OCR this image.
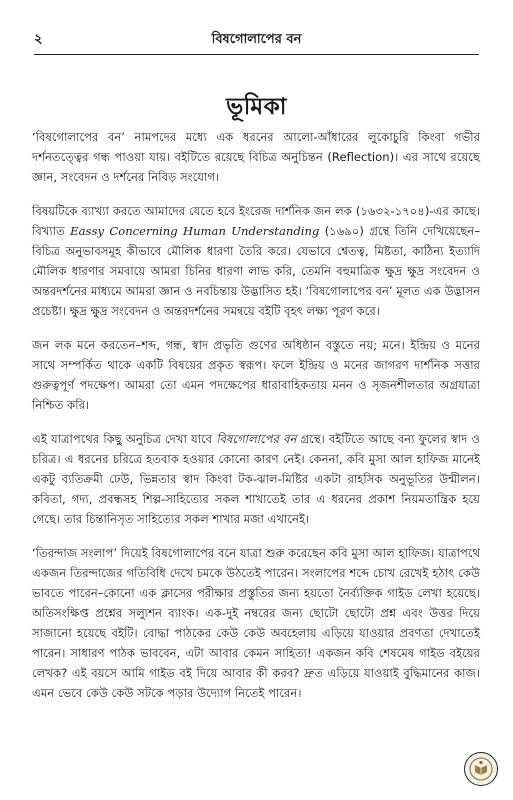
২	বিষগোলাপের বন
ভূমিকা

‘বিষগোলাপের বন’ নামপদের মধ্যে এক ধরনের আলো-আঁধারের লুকোচুরি কিংবা গভীর দর্শনতত্ত্বের গন্ধ পাওয়া যায়। বইটিতে রয়েছে বিচিত্র অনুচিন্তন (Reflection)। এর সাথে রয়েছে জ্ঞান, সংবেদন ও দর্শনের নিবিড় সংযোগ।

বিষয়টিকে ব্যাখ্যা করতে আমাদের যেতে হবে ইংরেজ দার্শনিক জন লক (১৬৩২-১৭০৪)-এর কাছে। বিখ্যাত Eassy Concerning Human Understanding (১৬৯০) গ্রন্থে তিনি দেখিয়েছেন–বিচিত্র অনুভাবসমূহ কীভাবে মৌলিক ধারণা তৈরি করে। যেভাবে শ্বেতত্ব, মিষ্টতা, কাঠিন্য ইত্যাদি মৌলিক ধারণার সমবায়ে আমরা চিনির ধারণা লাভ করি, তেমনি বহুমাত্রিক ক্ষুদ্র ক্ষুদ্র সংবেদন ও অন্তরদর্শনের মাধ্যমে আমরা জ্ঞান ও নবচিন্তায় উদ্ভাসিত হই। ‘বিষগোলাপের বন’ মূলত এক উদ্ভাসন প্রচেষ্টা। ক্ষুদ্র ক্ষুদ্র সংবেদন ও অন্তরদর্শনের সমন্বয়ে বইটি বৃহৎ লক্ষ্য পূরণ করে।

জন লক মনে করতেন–শব্দ, গন্ধ, স্বাদ প্রভৃতি গুণের অধিষ্ঠান বস্তুতে নয়; মনে। ইন্দ্রিয় ও মনের সাথে সম্পর্কিত থাকে একটি বিষয়ের প্রকৃত স্বরূপ। ফলে ইন্দ্রিয় ও মনের জাগরণ দার্শনিক সত্তার গুরুত্বপূর্ণ পদক্ষেপ। আমরা তো এমন পদক্ষেপের ধারাবাহিকতায় মনন ও সৃজনশীলতার অগ্রযাত্রা নিশ্চিত করি।

এই যাত্রাপথের কিছু অনুচিত্র দেখা যাবে বিষগোলাপের বন গ্রন্থে। বইটিতে আছে বন্য ফুলের স্বাদ ও চরিত্র। এ ধরনের চরিত্রে হতবাক হওয়ার কোনো কারণ নেই। কেননা, কবি মুসা আল হাফিজ মানেই একটু ব্যতিক্রমী ঢেউ, ভিন্নতার স্বাদ কিংবা টক-ঝাল-মিষ্টির একটা রাহসিক অনুভূতির উন্মীলন। কবিতা, গদ্য, প্রবন্ধসহ শিল্প-সাহিত্যের সকল শাখাতেই তার এ ধরনের প্রকাশ নিয়মতান্ত্রিক হয়ে গেছে। তার চিন্তানিসৃত সাহিত্যের সকল শাখার মজা এখানেই।

‘তিরন্দাজ সংলাপ’ দিয়েই বিষগোলাপের বনে যাত্রা শুরু করেছেন কবি মুসা আল হাফিজ। যাত্রাপথে একজন তিরন্দাজের গতিবিধি দেখে চমকে উঠতেই পারেন। সংলাপের শব্দে চোখ রেখেই হঠাৎ কেউ ভাবতে পারেন–কোনো এক ক্লাসের পরীক্ষার প্রস্তুতির জন্য হয়তো নৈর্ব্যক্তিক গাইড লেখা হয়েছে। অতিসংক্ষিপ্ত প্রশ্নের সল্যুশন ব্যাংক। এক-দুই নম্বরের জন্য ছোটো ছোটো প্রশ্ন এবং উত্তর দিয়ে সাজানো হয়েছে বইটি। বোদ্ধা পাঠকের কেউ কেউ অবহেলায় এড়িয়ে যাওয়ার প্রবণতা দেখাতেই পারেন। সাধারণ পাঠক ভাববেন, এটা আবার কেমন সাহিত্য! একজন কবি শেষমেষ গাইড বইয়ের লেখক? এই বয়সে আমি গাইড বই দিয়ে আবার কী করব? দ্রুত এড়িয়ে যাওয়াই বুদ্ধিমানের কাজ। এমন ভেবে কেউ কেউ সটকে পড়ার উদ্যোগ নিতেই পারেন।
